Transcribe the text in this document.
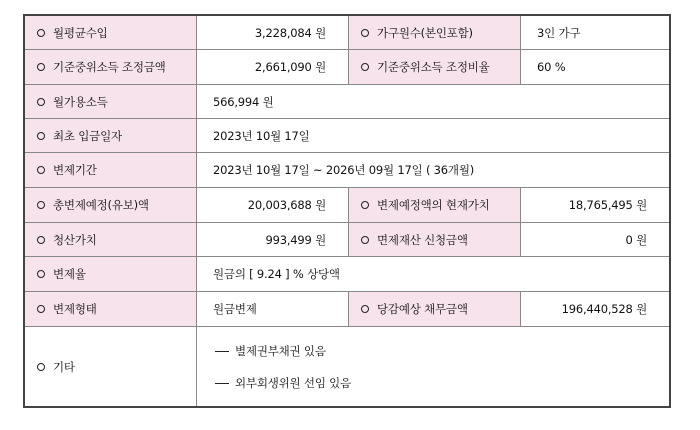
월평균수입	3,228,084 원	가구원수(본인포함)	3인 가구
기준중위소득 조정금액	2,661,090 원	기준중위소득 조정비율	60 %
월가용소득	566,994 원
최초 입금일자	2023년 10월 17일
변제기간	2023년 10월 17일 ~ 2026년 09월 17일 ( 36개월)
총변제예정(유보)액	20,003,688 원	변제예정액의 현재가치	18,765,495 원
청산가치	993,499 원	면제재산 신청금액	0 원
변제율	원금의 [ 9.24 ] % 상당액
변제형태	원금변제	당감예상 채무금액	196,440,528 원
기타
별제권부채권 있음
외부회생위원 선임 있음
